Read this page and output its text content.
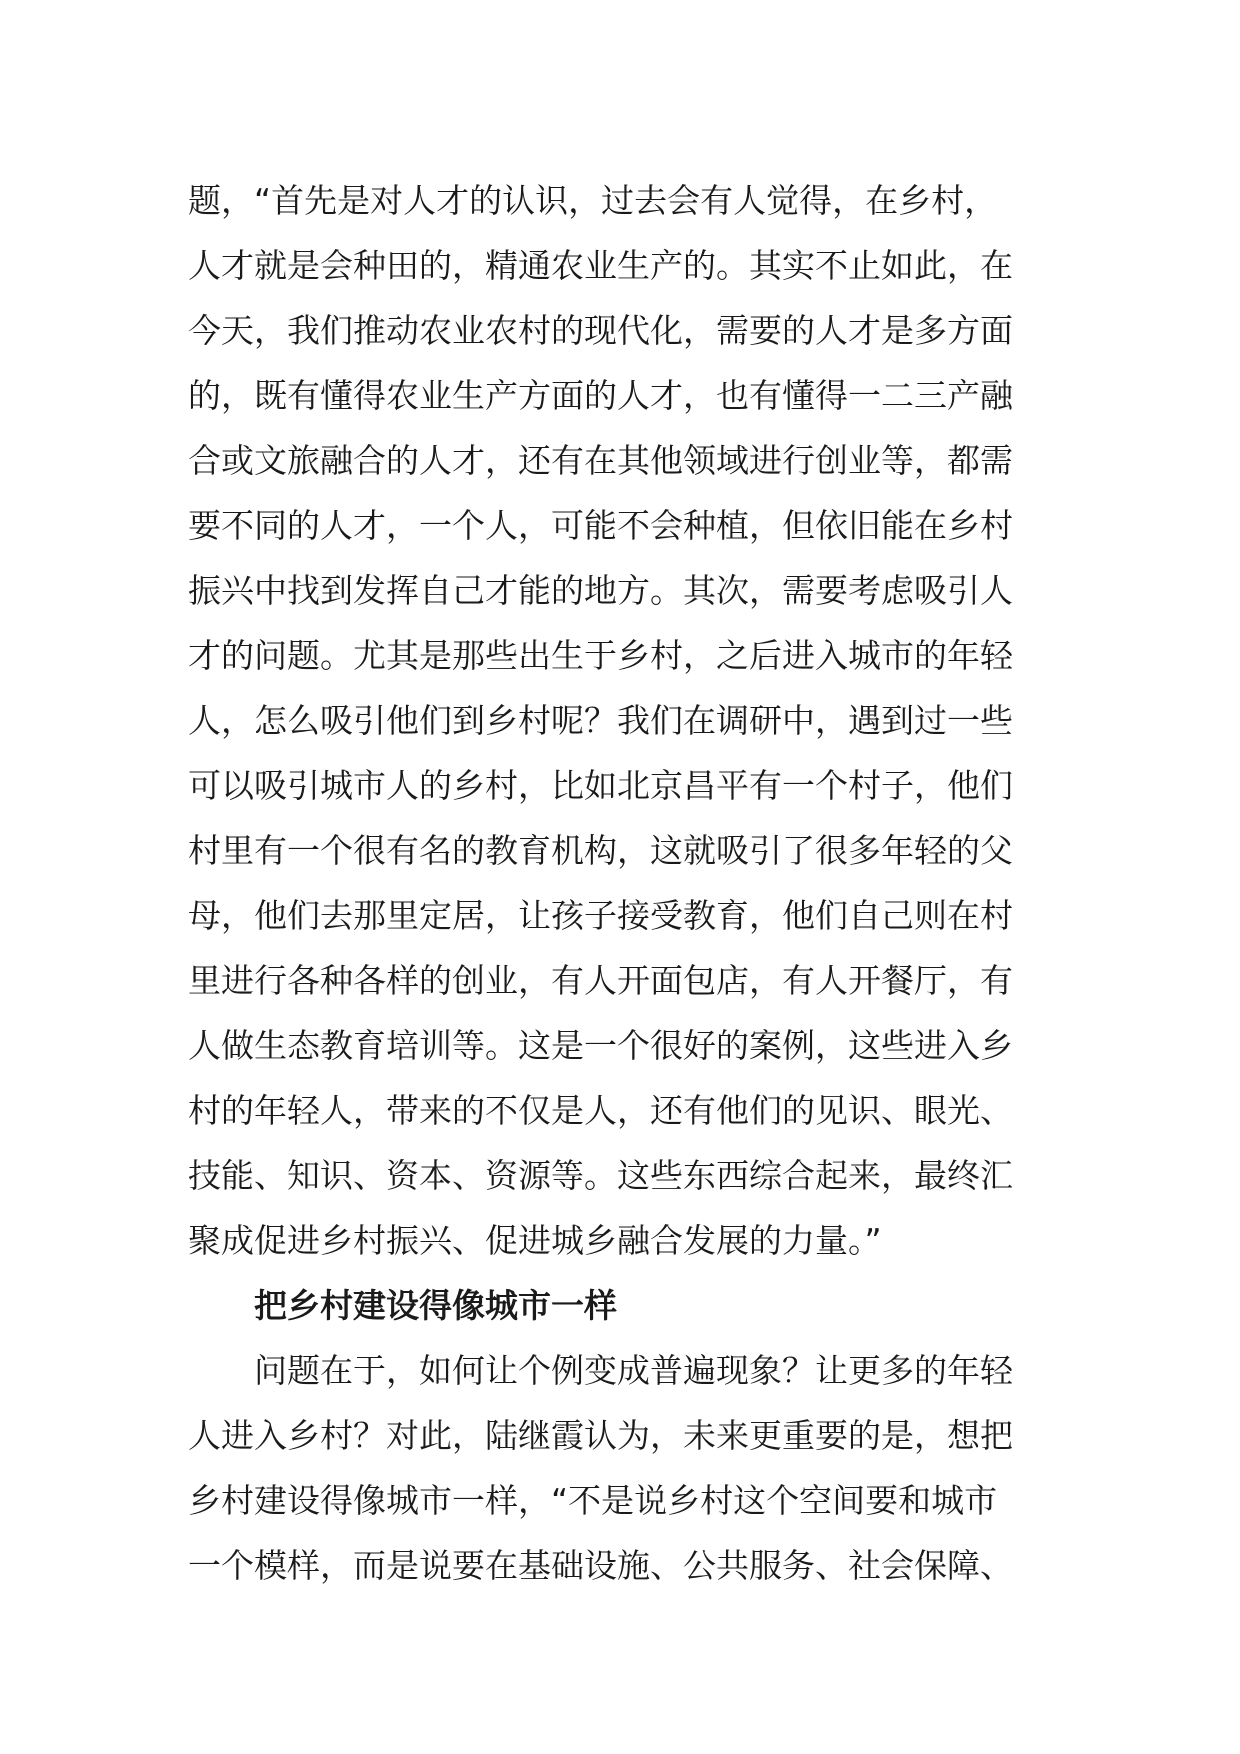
题，“首先是对人才的认识，过去会有人觉得，在乡村，
人才就是会种田的，精通农业生产的。其实不止如此，在
今天，我们推动农业农村的现代化，需要的人才是多方面
的，既有懂得农业生产方面的人才，也有懂得一二三产融
合或文旅融合的人才，还有在其他领域进行创业等，都需
要不同的人才，一个人，可能不会种植，但依旧能在乡村
振兴中找到发挥自己才能的地方。其次，需要考虑吸引人
才的问题。尤其是那些出生于乡村，之后进入城市的年轻
人，怎么吸引他们到乡村呢？我们在调研中，遇到过一些
可以吸引城市人的乡村，比如北京昌平有一个村子，他们
村里有一个很有名的教育机构，这就吸引了很多年轻的父
母，他们去那里定居，让孩子接受教育，他们自己则在村
里进行各种各样的创业，有人开面包店，有人开餐厅，有
人做生态教育培训等。这是一个很好的案例，这些进入乡
村的年轻人，带来的不仅是人，还有他们的见识、眼光、
技能、知识、资本、资源等。这些东西综合起来，最终汇
聚成促进乡村振兴、促进城乡融合发展的力量。”
把乡村建设得像城市一样
问题在于，如何让个例变成普遍现象？让更多的年轻
人进入乡村？对此，陆继霞认为，未来更重要的是，想把
乡村建设得像城市一样，“不是说乡村这个空间要和城市
一个模样，而是说要在基础设施、公共服务、社会保障、
